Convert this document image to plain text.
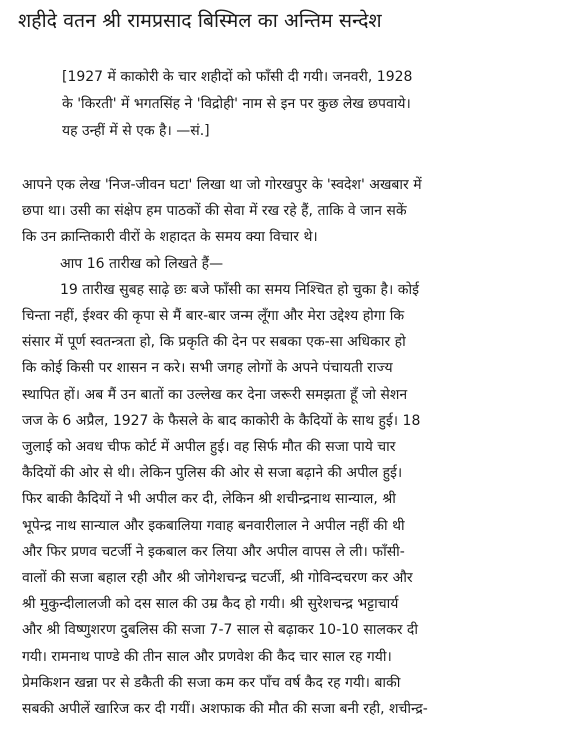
शहीदे वतन श्री रामप्रसाद बिस्मिल का अन्तिम सन्देश
[1927 में काकोरी के चार शहीदों को फाँसी दी गयी। जनवरी, 1928
के 'किरती' में भगतसिंह ने 'विद्रोही' नाम से इन पर कुछ लेख छपवाये।
यह उन्हीं में से एक है। —सं.]
आपने एक लेख 'निज-जीवन घटा' लिखा था जो गोरखपुर के 'स्वदेश' अखबार में
छपा था। उसी का संक्षेप हम पाठकों की सेवा में रख रहे हैं, ताकि वे जान सकें
कि उन क्रान्तिकारी वीरों के शहादत के समय क्या विचार थे।
आप 16 तारीख को लिखते हैं—
19 तारीख सुबह साढ़े छः बजे फाँसी का समय निश्चित हो चुका है। कोई
चिन्ता नहीं, ईश्वर की कृपा से मैं बार-बार जन्म लूँगा और मेरा उद्देश्य होगा कि
संसार में पूर्ण स्वतन्त्रता हो, कि प्रकृति की देन पर सबका एक-सा अधिकार हो
कि कोई किसी पर शासन न करे। सभी जगह लोगों के अपने पंचायती राज्य
स्थापित हों। अब मैं उन बातों का उल्लेख कर देना जरूरी समझता हूँ जो सेशन
जज के 6 अप्रैल, 1927 के फैसले के बाद काकोरी के कैदियों के साथ हुई। 18
जुलाई को अवध चीफ कोर्ट में अपील हुई। वह सिर्फ मौत की सजा पाये चार
कैदियों की ओर से थी। लेकिन पुलिस की ओर से सजा बढ़ाने की अपील हुई।
फिर बाकी कैदियों ने भी अपील कर दी, लेकिन श्री शचीन्द्रनाथ सान्याल, श्री
भूपेन्द्र नाथ सान्याल और इकबालिया गवाह बनवारीलाल ने अपील नहीं की थी
और फिर प्रणव चटर्जी ने इकबाल कर लिया और अपील वापस ले ली। फाँसी-
वालों की सजा बहाल रही और श्री जोगेशचन्द्र चटर्जी, श्री गोविन्दचरण कर और
श्री मुकुन्दीलालजी को दस साल की उम्र कैद हो गयी। श्री सुरेशचन्द्र भट्टाचार्य
और श्री विष्णुशरण दुबलिस की सजा 7-7 साल से बढ़ाकर 10-10 सालकर दी
गयी। रामनाथ पाण्डे की तीन साल और प्रणवेश की कैद चार साल रह गयी।
प्रेमकिशन खन्ना पर से डकैती की सजा कम कर पाँच वर्ष कैद रह गयी। बाकी
सबकी अपीलें खारिज कर दी गयीं। अशफाक की मौत की सजा बनी रही, शचीन्द्र-
